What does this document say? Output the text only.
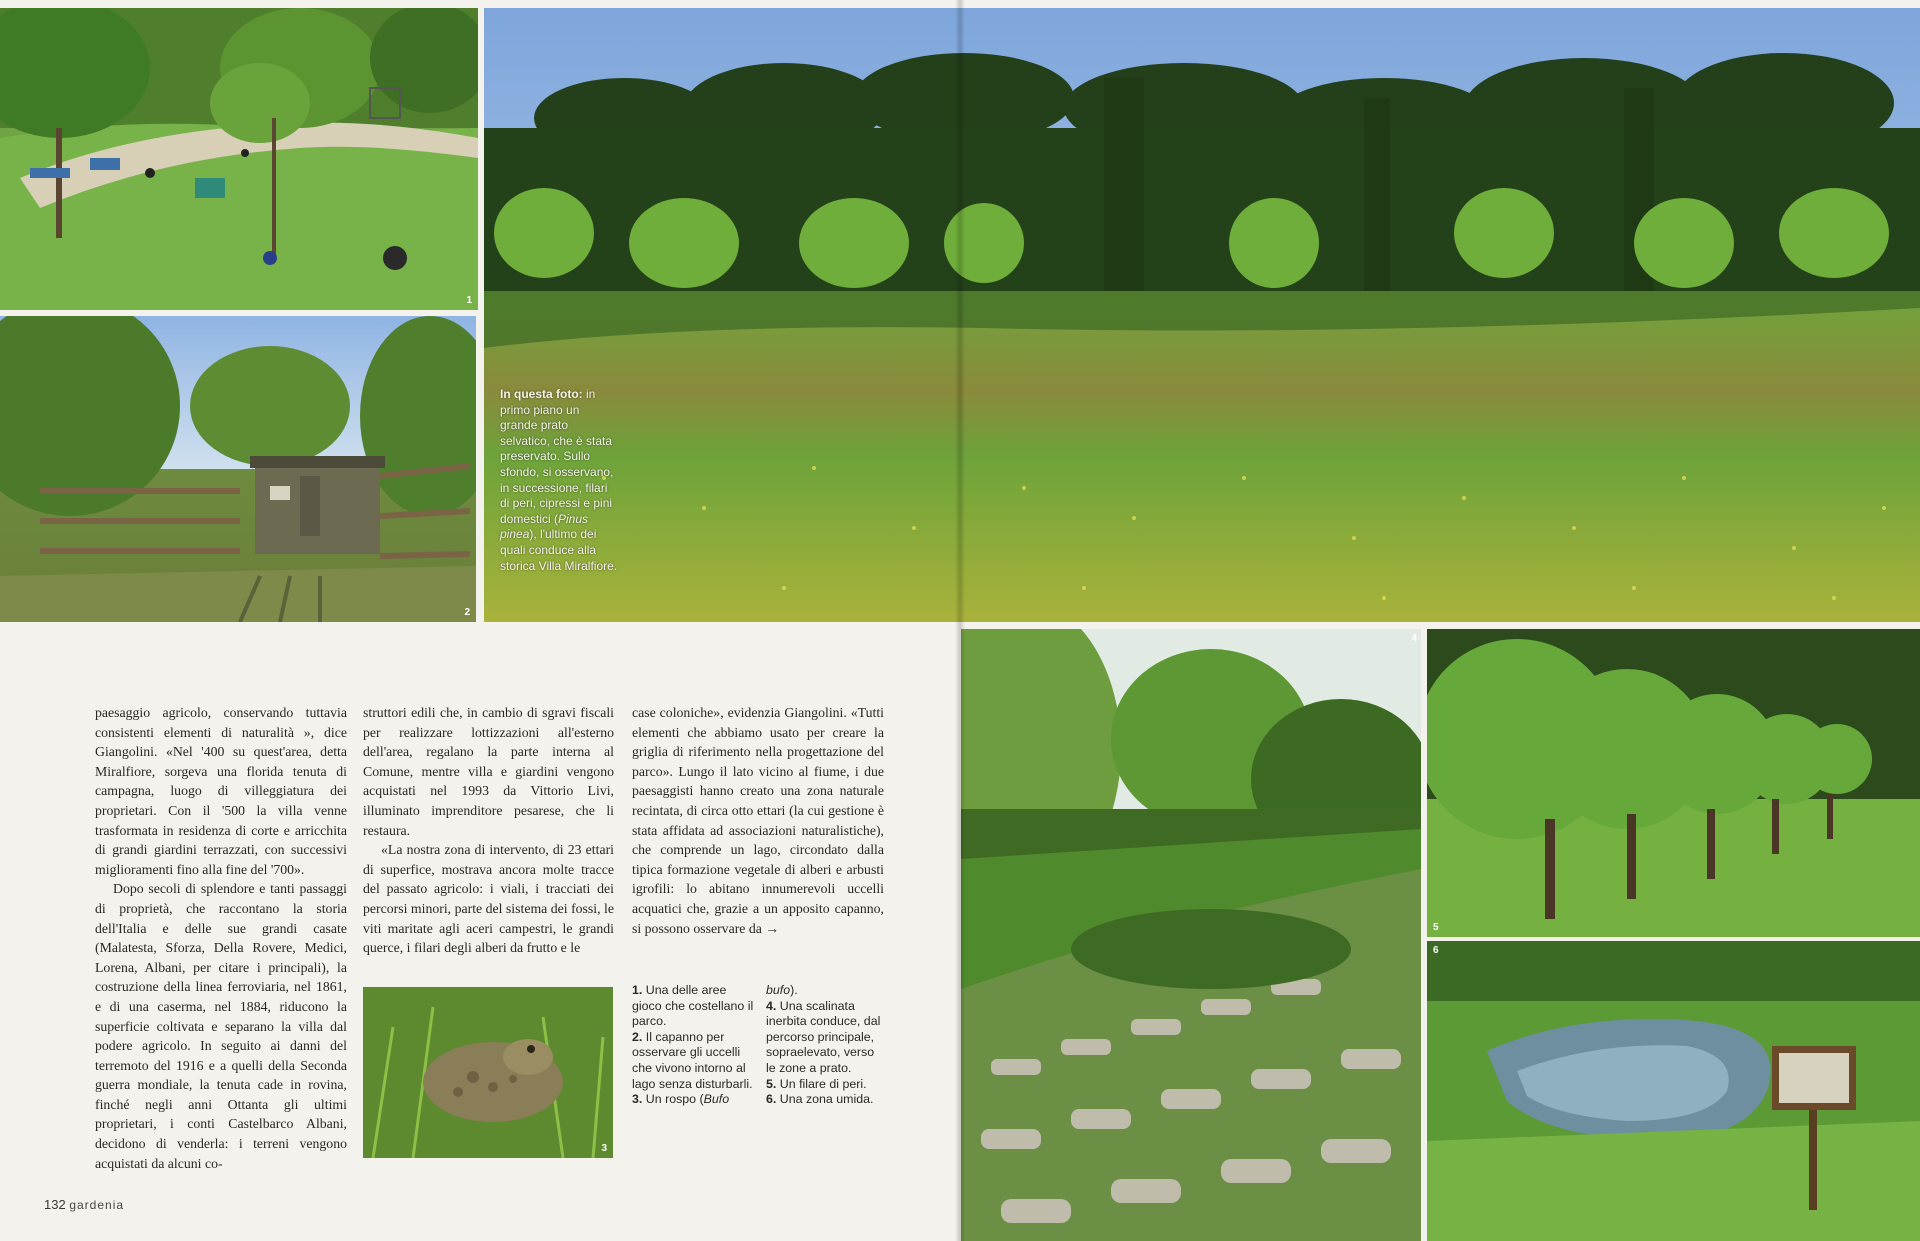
1
2
In questa foto: in primo piano un grande prato selvatico, che è stata preservato. Sullo sfondo, si osservano, in successione, filari di peri, cipressi e pini domestici (Pinus pinea), l'ultimo dei quali conduce alla storica Villa Miralfiore.
3
4
5
6

paesaggio agricolo, conservando tuttavia consistenti elementi di naturalità », dice Giangolini. «Nel '400 su quest'area, detta Miralfiore, sorgeva una florida tenuta di campagna, luogo di villeggiatura dei proprietari. Con il '500 la villa venne trasformata in residenza di corte e arricchita di grandi giardini terrazzati, con successivi miglioramenti fino alla fine del '700».

Dopo secoli di splendore e tanti passaggi di proprietà, che raccontano la storia dell'Italia e delle sue grandi casate (Malatesta, Sforza, Della Rovere, Medici, Lorena, Albani, per citare i principali), la costruzione della linea ferroviaria, nel 1861, e di una caserma, nel 1884, riducono la superficie coltivata e separano la villa dal podere agricolo. In seguito ai danni del terremoto del 1916 e a quelli della Seconda guerra mondiale, la tenuta cade in rovina, finché negli anni Ottanta gli ultimi proprietari, i conti Castelbarco Albani, decidono di venderla: i terreni vengono acquistati da alcuni co-

struttori edili che, in cambio di sgravi fiscali per realizzare lottizzazioni all'esterno dell'area, regalano la parte interna al Comune, mentre villa e giardini vengono acquistati nel 1993 da Vittorio Livi, illuminato imprenditore pesarese, che li restaura.

«La nostra zona di intervento, di 23 ettari di superfice, mostrava ancora molte tracce del passato agricolo: i viali, i tracciati dei percorsi minori, parte del sistema dei fossi, le viti maritate agli aceri campestri, le grandi querce, i filari degli alberi da frutto e le

case coloniche», evidenzia Giangolini. «Tutti elementi che abbiamo usato per creare la griglia di riferimento nella progettazione del parco». Lungo il lato vicino al fiume, i due paesaggisti hanno creato una zona naturale recintata, di circa otto ettari (la cui gestione è stata affidata ad associazioni naturalistiche), che comprende un lago, circondato dalla tipica formazione vegetale di alberi e arbusti igrofili: lo abitano innumerevoli uccelli acquatici che, grazie a un apposito capanno, si possono osservare da →

1. Una delle aree gioco che costellano il parco.
2. Il capanno per osservare gli uccelli che vivono intorno al lago senza disturbarli.
3. Un rospo (Bufo
bufo).
4. Una scalinata inerbita conduce, dal percorso principale, sopraelevato, verso le zone a prato.
5. Un filare di peri.
6. Una zona umida.
132 gardenia
